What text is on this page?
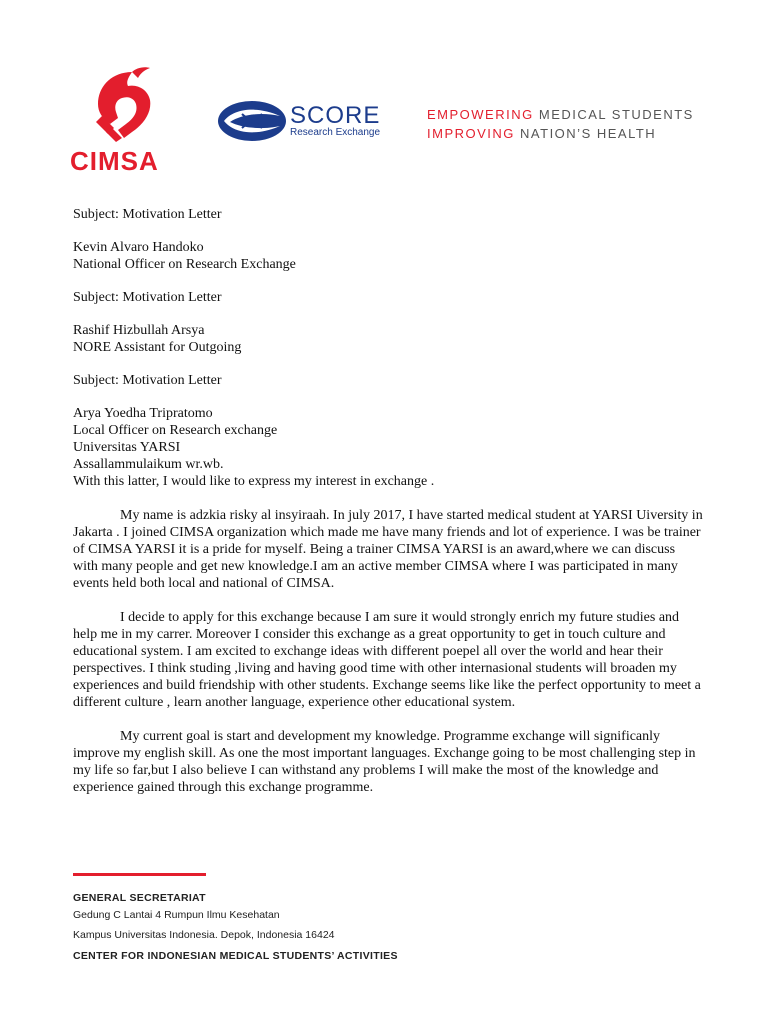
CIMSA
SCORE
Research Exchange
EMPOWERING MEDICAL STUDENTS
IMPROVING NATION’S HEALTH
Subject: Motivation Letter
Kevin Alvaro Handoko
National Officer on Research Exchange
Subject: Motivation Letter
Rashif Hizbullah Arsya
NORE Assistant for Outgoing
Subject: Motivation Letter
Arya Yoedha Tripratomo
Local Officer on Research exchange
Universitas YARSI
Assallammulaikum wr.wb.
With this latter, I would like to express my interest in exchange .

My name is adzkia risky al insyiraah. In july 2017, I have started medical student at YARSI Uiversity in Jakarta . I joined CIMSA organization which made me have many friends and lot of experience. I was be trainer of CIMSA YARSI it is a pride for myself. Being a trainer CIMSA YARSI is an award,where we can discuss with many people and get new knowledge.I am an active member CIMSA where I was participated in many events held both local and national of CIMSA.

I decide to apply for this exchange because I am sure it would strongly enrich my future studies and help me in my carrer. Moreover I consider this exchange as a great opportunity to get in touch culture and educational system. I am excited to exchange ideas with different poepel all over the world and hear their perspectives. I think studing ,living and having good time with other internasional students will broaden my experiences and build friendship with other students. Exchange seems like like the perfect opportunity to meet a different culture , learn another language, experience other educational system.

My current goal is start and development my knowledge. Programme exchange will significanly improve my english skill. As one the most important languages. Exchange going to be most challenging step in my life so far,but I also believe I can withstand any problems I will make the most of the knowledge and experience gained through this exchange programme.

GENERAL SECRETARIAT
Gedung C Lantai 4 Rumpun Ilmu Kesehatan
Kampus Universitas Indonesia. Depok, Indonesia 16424
CENTER FOR INDONESIAN MEDICAL STUDENTS’ ACTIVITIES
